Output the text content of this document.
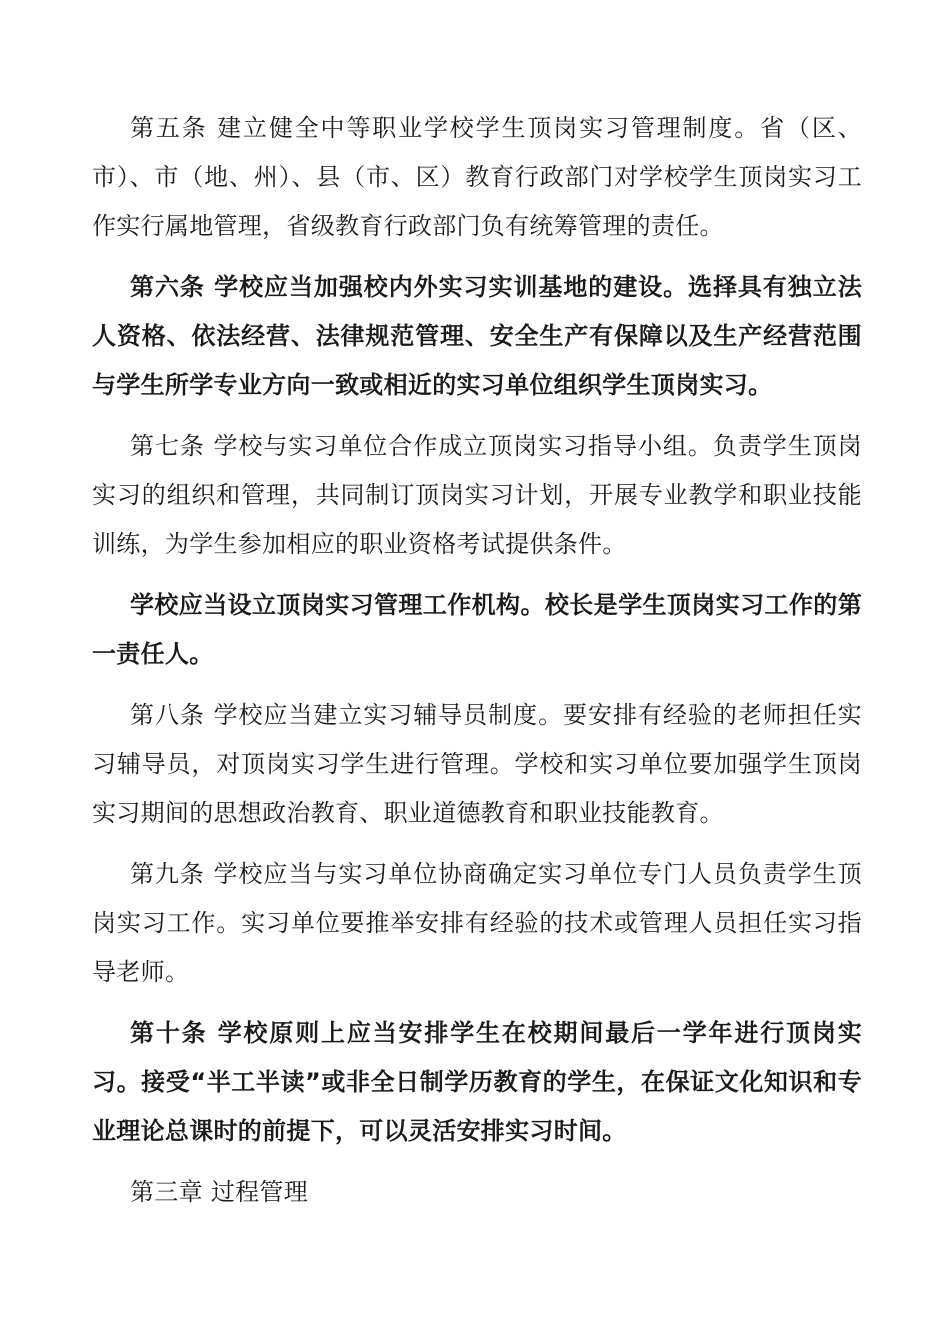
第五条 建立健全中等职业学校学生顶岗实习管理制度。省（区、市）、市（地、州）、县（市、区）教育行政部门对学校学生顶岗实习工作实行属地管理，省级教育行政部门负有统筹管理的责任。

第六条 学校应当加强校内外实习实训基地的建设。选择具有独立法人资格、依法经营、法律规范管理、安全生产有保障以及生产经营范围与学生所学专业方向一致或相近的实习单位组织学生顶岗实习。

第七条 学校与实习单位合作成立顶岗实习指导小组。负责学生顶岗实习的组织和管理，共同制订顶岗实习计划，开展专业教学和职业技能训练，为学生参加相应的职业资格考试提供条件。

学校应当设立顶岗实习管理工作机构。校长是学生顶岗实习工作的第一责任人。

第八条 学校应当建立实习辅导员制度。要安排有经验的老师担任实习辅导员，对顶岗实习学生进行管理。学校和实习单位要加强学生顶岗实习期间的思想政治教育、职业道德教育和职业技能教育。

第九条 学校应当与实习单位协商确定实习单位专门人员负责学生顶岗实习工作。实习单位要推举安排有经验的技术或管理人员担任实习指导老师。

第十条 学校原则上应当安排学生在校期间最后一学年进行顶岗实习。接受“半工半读”或非全日制学历教育的学生，在保证文化知识和专业理论总课时的前提下，可以灵活安排实习时间。

第三章 过程管理
